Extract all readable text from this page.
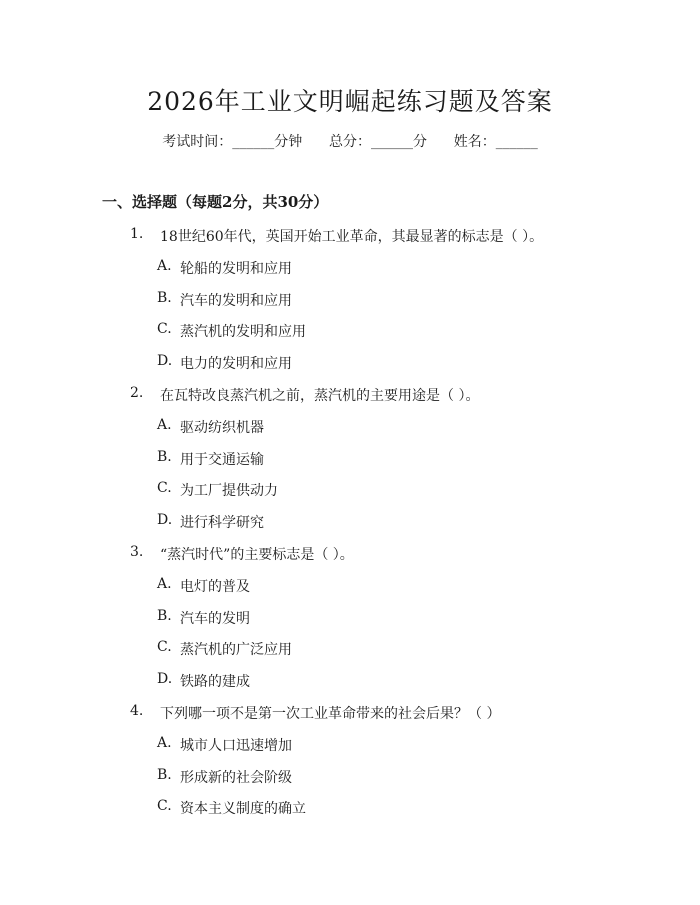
2026年工业文明崛起练习题及答案
考试时间：______分钟 总分：______分 姓名：______
一、选择题（每题2分，共30分）
1. 18世纪60年代，英国开始工业革命，其最显著的标志是（ ）。
A. 轮船的发明和应用
B. 汽车的发明和应用
C. 蒸汽机的发明和应用
D. 电力的发明和应用
2. 在瓦特改良蒸汽机之前，蒸汽机的主要用途是（ ）。
A. 驱动纺织机器
B. 用于交通运输
C. 为工厂提供动力
D. 进行科学研究
3. “蒸汽时代”的主要标志是（ ）。
A. 电灯的普及
B. 汽车的发明
C. 蒸汽机的广泛应用
D. 铁路的建成
4. 下列哪一项不是第一次工业革命带来的社会后果？（ ）
A. 城市人口迅速增加
B. 形成新的社会阶级
C. 资本主义制度的确立
